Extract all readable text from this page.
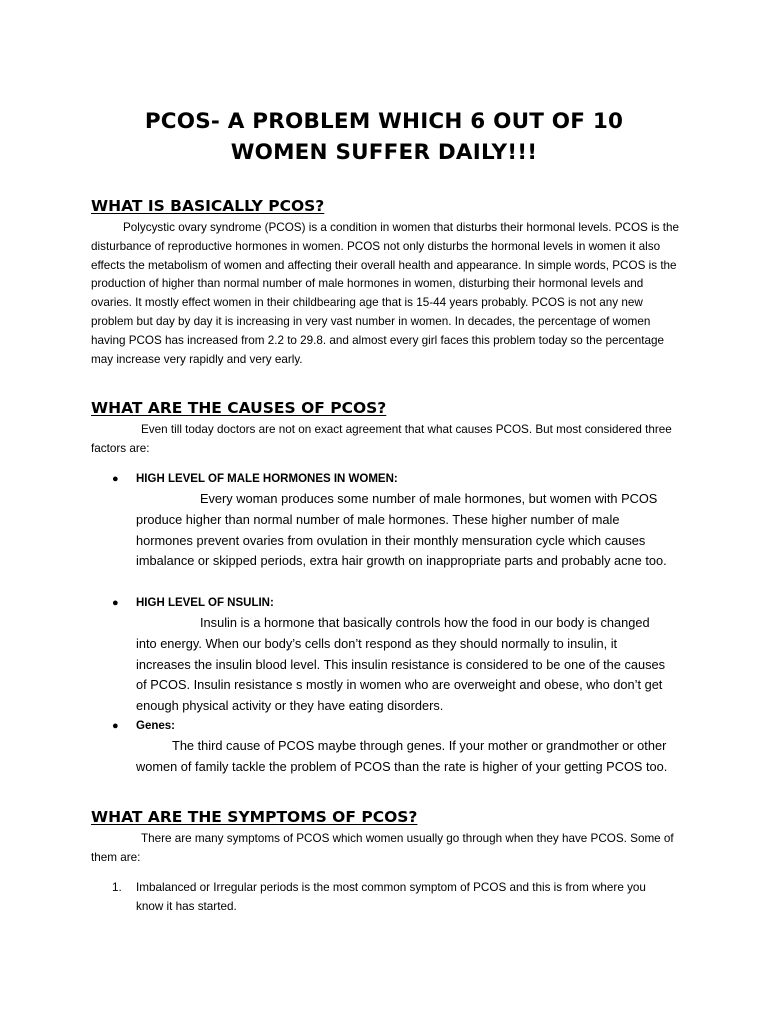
PCOS- A PROBLEM WHICH 6 OUT OF 10
WOMEN SUFFER DAILY!!!
WHAT IS BASICALLY PCOS?

Polycystic ovary syndrome (PCOS) is a condition in women that disturbs their hormonal levels. PCOS is the disturbance of reproductive hormones in women. PCOS not only disturbs the hormonal levels in women it also effects the metabolism of women and affecting their overall health and appearance. In simple words, PCOS is the production of higher than normal number of male hormones in women, disturbing their hormonal levels and ovaries. It mostly effect women in their childbearing age that is 15-44 years probably. PCOS is not any new problem but day by day it is increasing in very vast number in women. In decades, the percentage of women having PCOS has increased from 2.2 to 29.8. and almost every girl faces this problem today so the percentage may increase very rapidly and very early.

WHAT ARE THE CAUSES OF PCOS?

Even till today doctors are not on exact agreement that what causes PCOS. But most considered three factors are:

● HIGH LEVEL OF MALE HORMONES IN WOMEN:

Every woman produces some number of male hormones, but women with PCOS produce higher than normal number of male hormones. These higher number of male hormones prevent ovaries from ovulation in their monthly mensuration cycle which causes imbalance or skipped periods, extra hair growth on inappropriate parts and probably acne too.

● HIGH LEVEL OF NSULIN:

Insulin is a hormone that basically controls how the food in our body is changed into energy. When our body’s cells don’t respond as they should normally to insulin, it increases the insulin blood level. This insulin resistance is considered to be one of the causes of PCOS. Insulin resistance s mostly in women who are overweight and obese, who don’t get enough physical activity or they have eating disorders.

● Genes:

The third cause of PCOS maybe through genes. If your mother or grandmother or other women of family tackle the problem of PCOS than the rate is higher of your getting PCOS too.

WHAT ARE THE SYMPTOMS OF PCOS?

There are many symptoms of PCOS which women usually go through when they have PCOS. Some of them are:

1.	Imbalanced or Irregular periods is the most common symptom of PCOS and this is from where you know it has started.
